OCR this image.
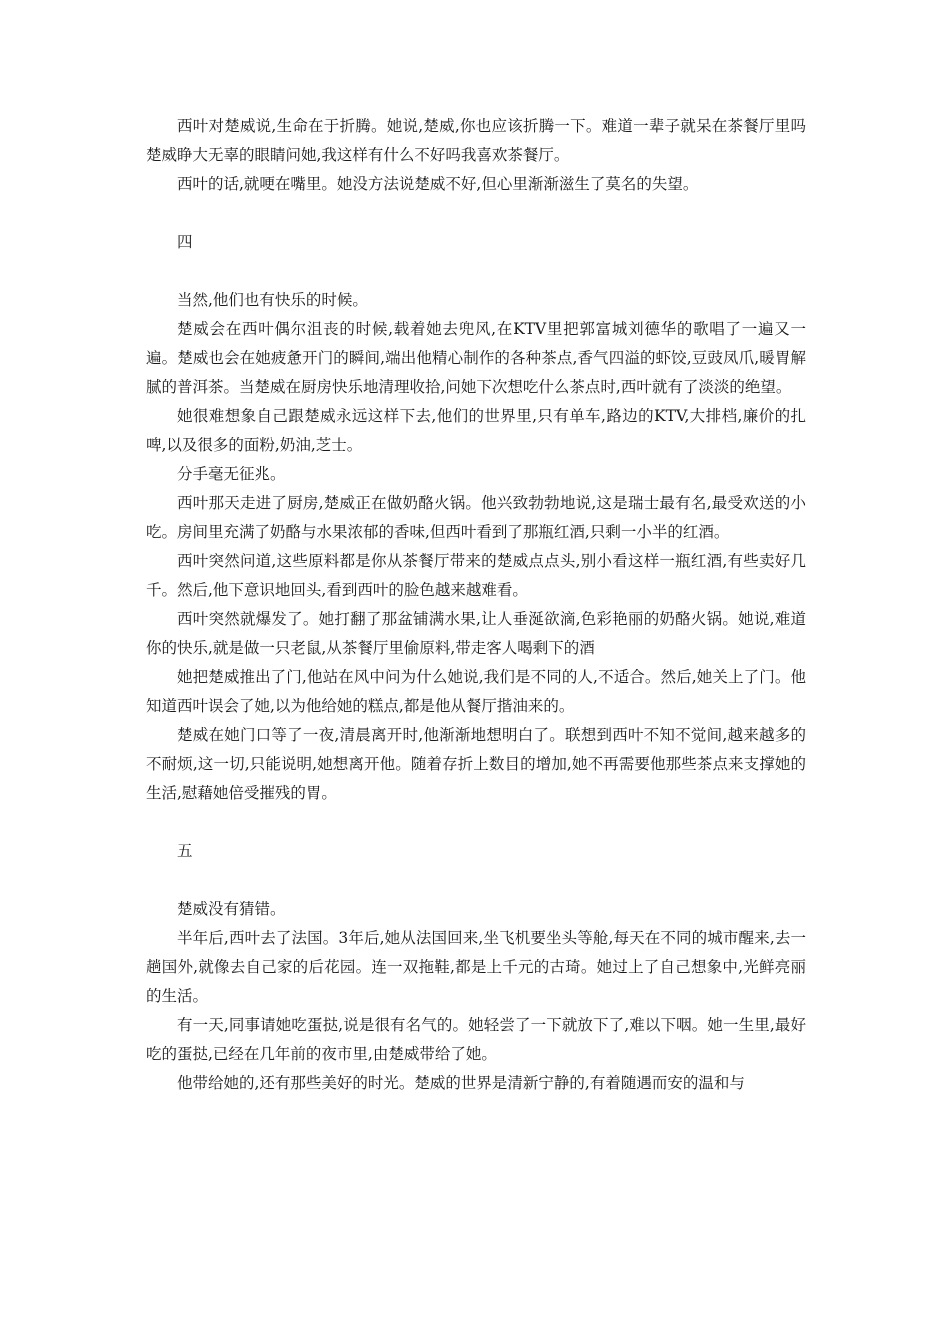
西叶对楚威说,生命在于折腾。她说,楚威,你也应该折腾一下。难道一辈子就呆在茶餐厅里吗楚威睁大无辜的眼睛问她,我这样有什么不好吗我喜欢茶餐厅。

西叶的话,就哽在嘴里。她没方法说楚威不好,但心里渐渐滋生了莫名的失望。

四

当然,他们也有快乐的时候。

楚威会在西叶偶尔沮丧的时候,载着她去兜风,在KTV里把郭富城刘德华的歌唱了一遍又一遍。楚威也会在她疲惫开门的瞬间,端出他精心制作的各种茶点,香气四溢的虾饺,豆豉凤爪,暖胃解腻的普洱茶。当楚威在厨房快乐地清理收拾,问她下次想吃什么茶点时,西叶就有了淡淡的绝望。

她很难想象自己跟楚威永远这样下去,他们的世界里,只有单车,路边的KTV,大排档,廉价的扎啤,以及很多的面粉,奶油,芝士。

分手毫无征兆。

西叶那天走进了厨房,楚威正在做奶酪火锅。他兴致勃勃地说,这是瑞士最有名,最受欢送的小吃。房间里充满了奶酪与水果浓郁的香味,但西叶看到了那瓶红酒,只剩一小半的红酒。

西叶突然问道,这些原料都是你从茶餐厅带来的楚威点点头,别小看这样一瓶红酒,有些卖好几千。然后,他下意识地回头,看到西叶的脸色越来越难看。

西叶突然就爆发了。她打翻了那盆铺满水果,让人垂涎欲滴,色彩艳丽的奶酪火锅。她说,难道你的快乐,就是做一只老鼠,从茶餐厅里偷原料,带走客人喝剩下的酒

她把楚威推出了门,他站在风中问为什么她说,我们是不同的人,不适合。然后,她关上了门。他知道西叶误会了她,以为他给她的糕点,都是他从餐厅揩油来的。

楚威在她门口等了一夜,清晨离开时,他渐渐地想明白了。联想到西叶不知不觉间,越来越多的不耐烦,这一切,只能说明,她想离开他。随着存折上数目的增加,她不再需要他那些茶点来支撑她的生活,慰藉她倍受摧残的胃。

五

楚威没有猜错。

半年后,西叶去了法国。3年后,她从法国回来,坐飞机要坐头等舱,每天在不同的城市醒来,去一趟国外,就像去自己家的后花园。连一双拖鞋,都是上千元的古琦。她过上了自己想象中,光鲜亮丽的生活。

有一天,同事请她吃蛋挞,说是很有名气的。她轻尝了一下就放下了,难以下咽。她一生里,最好吃的蛋挞,已经在几年前的夜市里,由楚威带给了她。

他带给她的,还有那些美好的时光。楚威的世界是清新宁静的,有着随遇而安的温和与
